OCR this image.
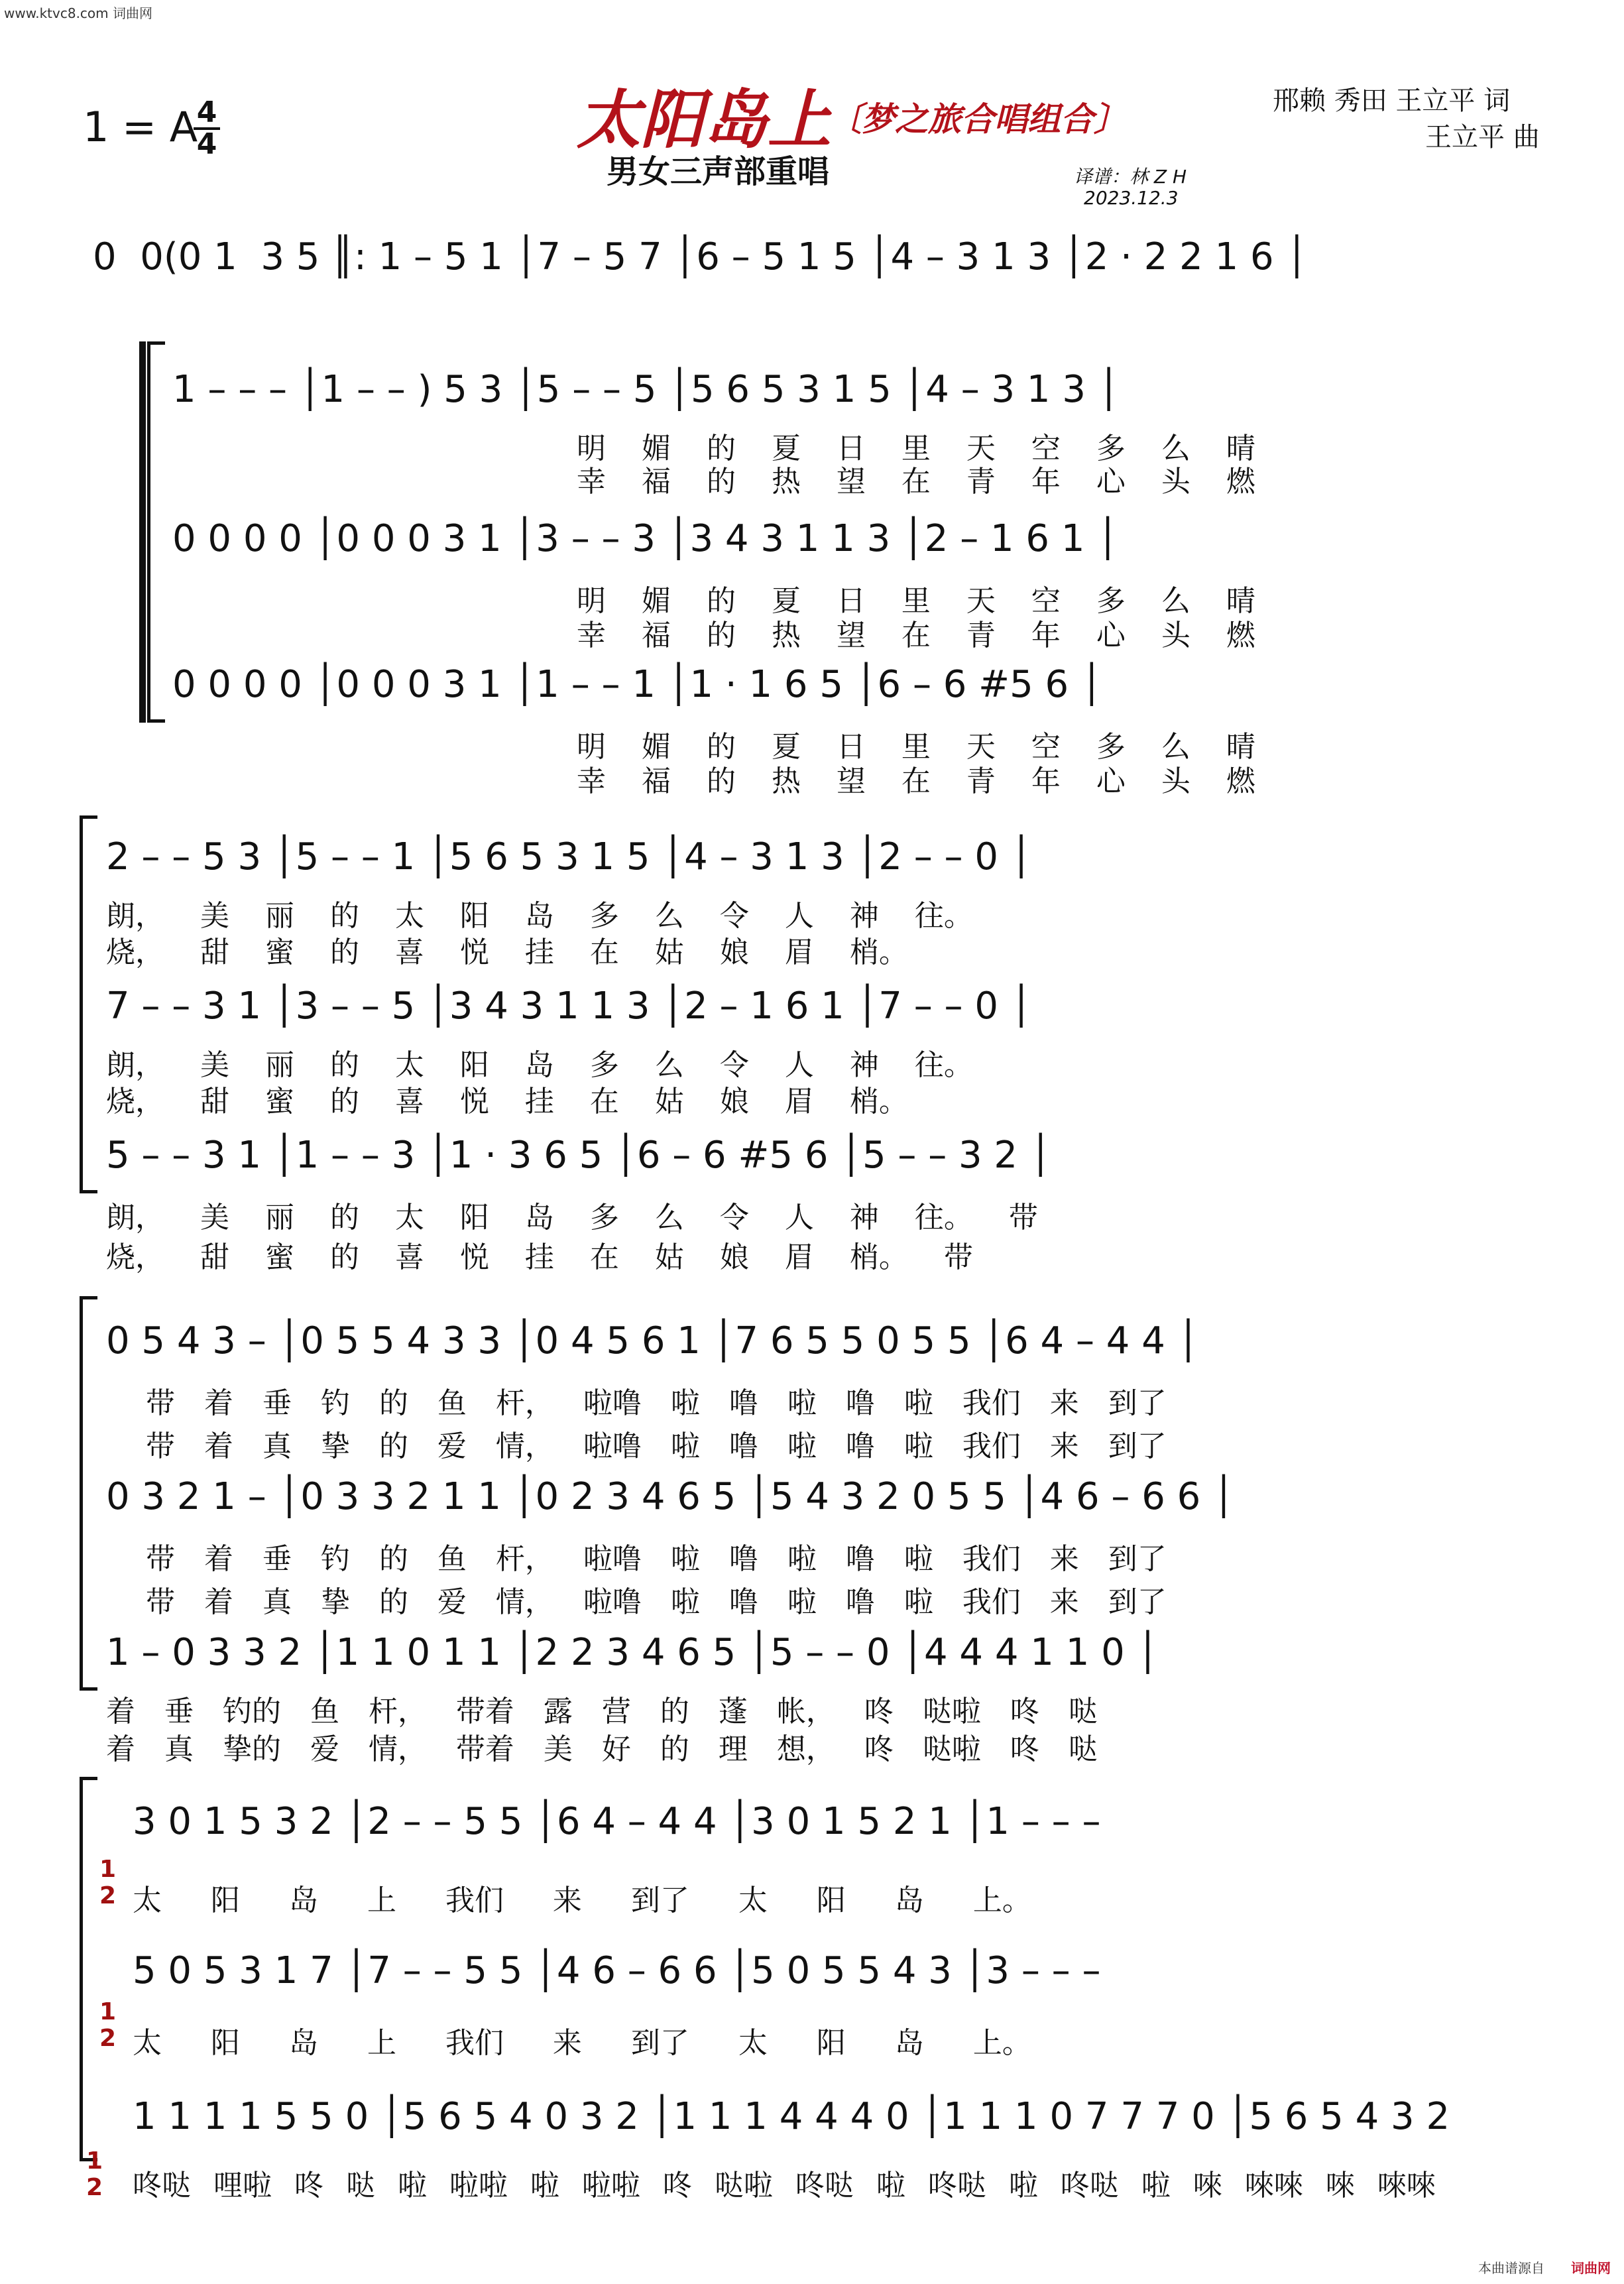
www.ktvc8.com 词曲网
1 = A
4
4	太阳岛上
〔梦之旅合唱组合〕
男女三声部重唱
邢赖 秀田 王立平 词
王立平 曲
译谱：林 Z H
2023.12.3
0  0(0 1  3 5 ║: 1 – 5 1 │7 – 5 7 │6 – 5 1 5 │4 – 3 1 3 │2 · 2 2 1 6 │
1 – – – │1 – – ) 5 3 │5 – – 5 │5 6 5 3 1 5 │4 – 3 1 3 │
明 媚 的 夏 日 里 天 空 多 么 晴
幸 福 的 热 望 在 青 年 心 头 燃
0 0 0 0 │0 0 0 3 1 │3 – – 3 │3 4 3 1 1 3 │2 – 1 6 1 │
明 媚 的 夏 日 里 天 空 多 么 晴
幸 福 的 热 望 在 青 年 心 头 燃
0 0 0 0 │0 0 0 3 1 │1 – – 1 │1 · 1 6 5 │6 – 6 #5 6 │
明 媚 的 夏 日 里 天 空 多 么 晴
幸 福 的 热 望 在 青 年 心 头 燃
2 – – 5 3 │5 – – 1 │5 6 5 3 1 5 │4 – 3 1 3 │2 – – 0 │
朗， 美 丽 的 太 阳 岛 多 么 令 人 神 往。
烧， 甜 蜜 的 喜 悦 挂 在 姑 娘 眉 梢。
7 – – 3 1 │3 – – 5 │3 4 3 1 1 3 │2 – 1 6 1 │7 – – 0 │
朗， 美 丽 的 太 阳 岛 多 么 令 人 神 往。
烧， 甜 蜜 的 喜 悦 挂 在 姑 娘 眉 梢。
5 – – 3 1 │1 – – 3 │1 · 3 6 5 │6 – 6 #5 6 │5 – – 3 2 │
朗， 美 丽 的 太 阳 岛 多 么 令 人 神 往。 带
烧， 甜 蜜 的 喜 悦 挂 在 姑 娘 眉 梢。 带
0 5 4 3 – │0 5 5 4 3 3 │0 4 5 6 1 │7 6 5 5 0 5 5 │6 4 – 4 4 │
带 着 垂 钓 的 鱼 杆， 啦噜 啦 噜 啦 噜 啦 我们 来 到了
带 着 真 挚 的 爱 情， 啦噜 啦 噜 啦 噜 啦 我们 来 到了
0 3 2 1 – │0 3 3 2 1 1 │0 2 3 4 6 5 │5 4 3 2 0 5 5 │4 6 – 6 6 │
带 着 垂 钓 的 鱼 杆， 啦噜 啦 噜 啦 噜 啦 我们 来 到了
带 着 真 挚 的 爱 情， 啦噜 啦 噜 啦 噜 啦 我们 来 到了
1 – 0 3 3 2 │1 1 0 1 1 │2 2 3 4 6 5 │5 – – 0 │4 4 4 1 1 0 │
着 垂 钓的 鱼 杆， 带着 露 营 的 蓬 帐， 咚 哒啦 咚 哒
着 真 挚的 爱 情， 带着 美 好 的 理 想， 咚 哒啦 咚 哒
3 0 1 5 3 2 │2 – – 5 5 │6 4 – 4 4 │3 0 1 5 2 1 │1 – – –
1
2 太 阳 岛 上 我们 来 到了 太 阳 岛 上。
5 0 5 3 1 7 │7 – – 5 5 │4 6 – 6 6 │5 0 5 5 4 3 │3 – – –
1
2 太 阳 岛 上 我们 来 到了 太 阳 岛 上。
1 1 1 1 5 5 0 │5 6 5 4 0 3 2 │1 1 1 4 4 4 0 │1 1 1 0 7 7 7 0 │5 6 5 4 3 2
1
2 咚哒 哩啦 咚 哒 啦 啦啦 啦 啦啦 咚 哒啦 咚哒 啦 咚哒 啦 咚哒 啦 唻 唻唻 唻 唻唻
本曲谱源自 词曲网
